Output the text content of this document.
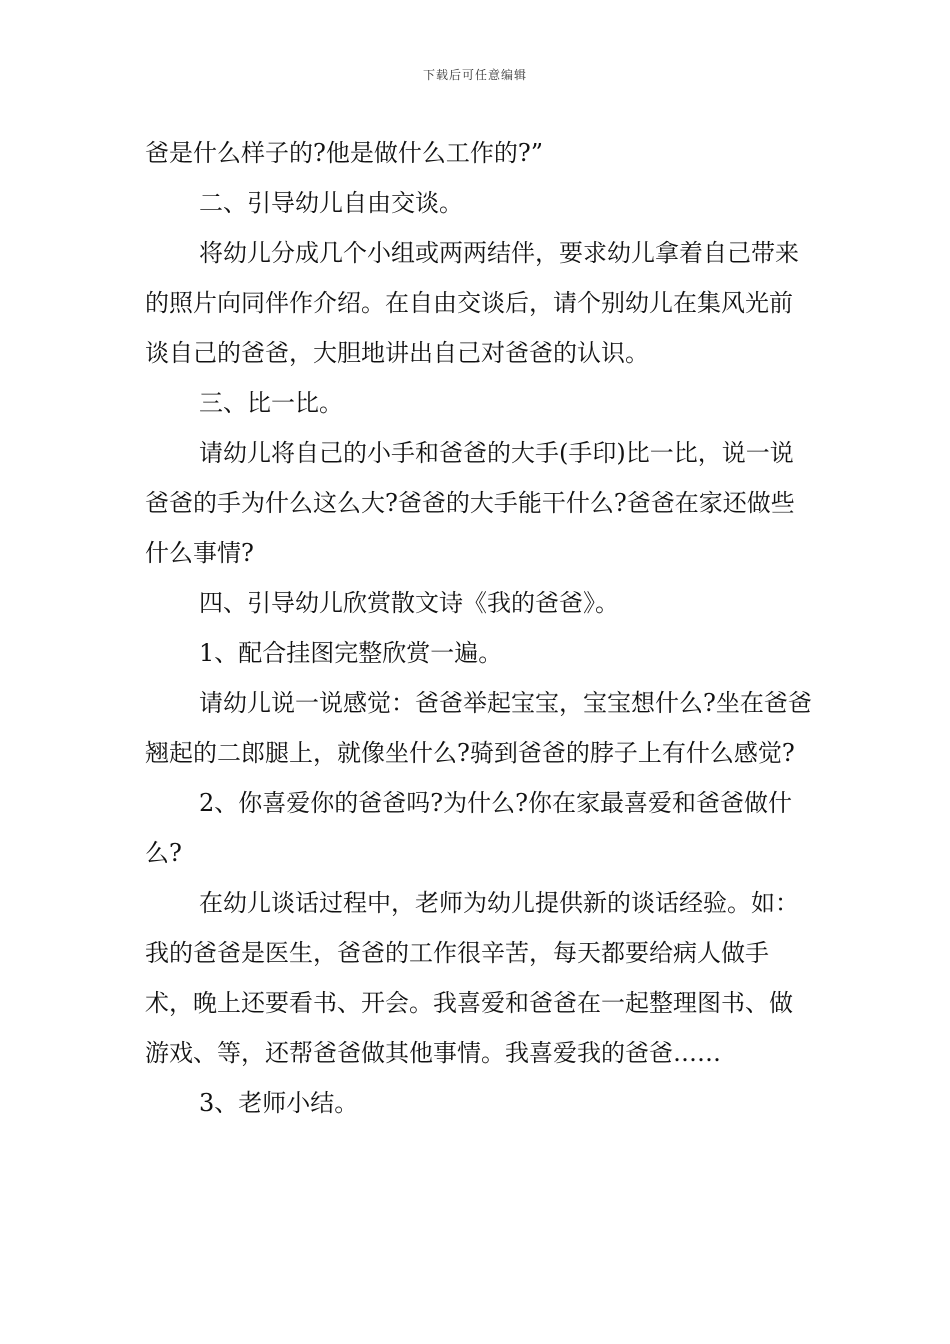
下载后可任意编辑

爸是什么样子的?他是做什么工作的?”

二、引导幼儿自由交谈。

将幼儿分成几个小组或两两结伴，要求幼儿拿着自己带来的照片向同伴作介绍。在自由交谈后，请个别幼儿在集风光前谈自己的爸爸，大胆地讲出自己对爸爸的认识。

三、比一比。

请幼儿将自己的小手和爸爸的大手(手印)比一比，说一说爸爸的手为什么这么大?爸爸的大手能干什么?爸爸在家还做些什么事情?

四、引导幼儿欣赏散文诗《我的爸爸》。

1、配合挂图完整欣赏一遍。

请幼儿说一说感觉：爸爸举起宝宝，宝宝想什么?坐在爸爸翘起的二郎腿上，就像坐什么?骑到爸爸的脖子上有什么感觉?

2、你喜爱你的爸爸吗?为什么?你在家最喜爱和爸爸做什么?

在幼儿谈话过程中，老师为幼儿提供新的谈话经验。如：我的爸爸是医生，爸爸的工作很辛苦，每天都要给病人做手术，晚上还要看书、开会。我喜爱和爸爸在一起整理图书、做游戏、等，还帮爸爸做其他事情。我喜爱我的爸爸……

3、老师小结。
